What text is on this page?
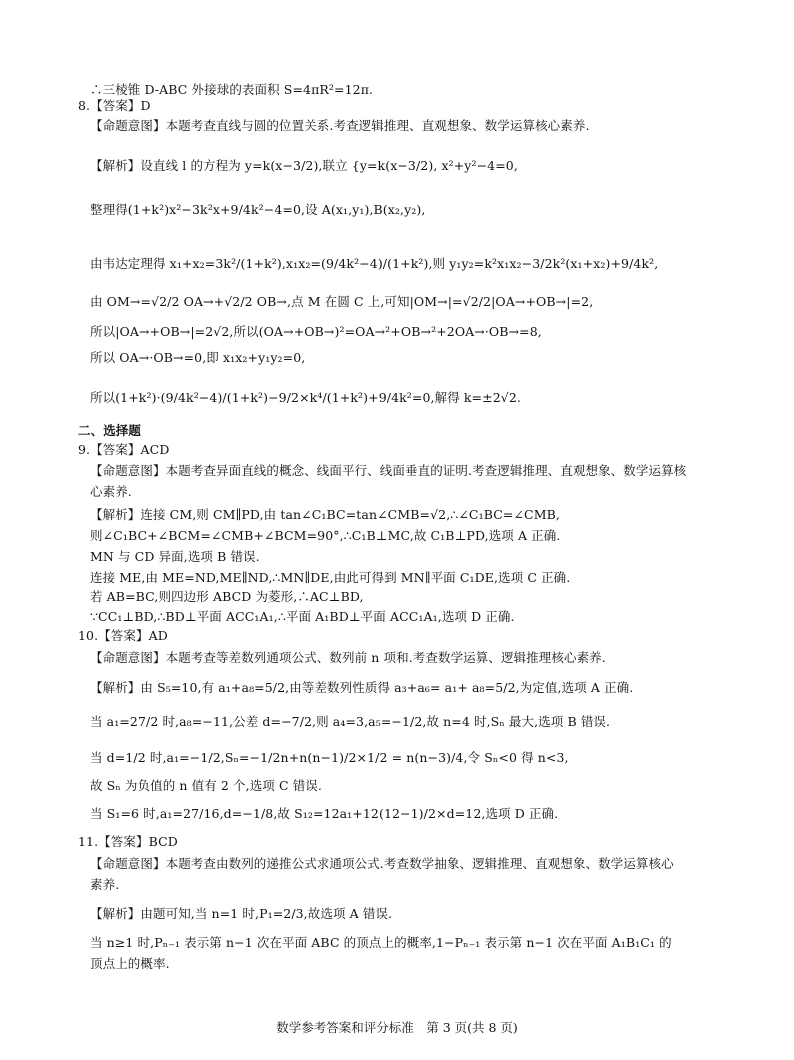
∴三棱锥 D-ABC 外接球的表面积 S=4πR²=12π.
8.【答案】D
【命题意图】本题考查直线与圆的位置关系.考查逻辑推理、直观想象、数学运算核心素养.
【解析】设直线 l 的方程为 y=k(x−3/2),联立 {y=k(x−3/2), x²+y²−4=0,
整理得(1+k²)x²−3k²x+9/4k²−4=0,设 A(x₁,y₁),B(x₂,y₂),
由韦达定理得 x₁+x₂=3k²/(1+k²),x₁x₂=(9/4k²−4)/(1+k²),则 y₁y₂=k²x₁x₂−3/2k²(x₁+x₂)+9/4k²,
由 OM→=√2/2 OA→+√2/2 OB→,点 M 在圆 C 上,可知|OM→|=√2/2|OA→+OB→|=2,
所以|OA→+OB→|=2√2,所以(OA→+OB→)²=OA→²+OB→²+2OA→·OB→=8,
所以 OA→·OB→=0,即 x₁x₂+y₁y₂=0,
所以(1+k²)·(9/4k²−4)/(1+k²)−9/2×k⁴/(1+k²)+9/4k²=0,解得 k=±2√2.
二、选择题
9.【答案】ACD
【命题意图】本题考查异面直线的概念、线面平行、线面垂直的证明.考查逻辑推理、直观想象、数学运算核
心素养.
【解析】连接 CM,则 CM∥PD,由 tan∠C₁BC=tan∠CMB=√2,∴∠C₁BC=∠CMB,
则∠C₁BC+∠BCM=∠CMB+∠BCM=90°,∴C₁B⊥MC,故 C₁B⊥PD,选项 A 正确.
MN 与 CD 异面,选项 B 错误.
连接 ME,由 ME=ND,ME∥ND,∴MN∥DE,由此可得到 MN∥平面 C₁DE,选项 C 正确.
若 AB=BC,则四边形 ABCD 为菱形,∴AC⊥BD,
∵CC₁⊥BD,∴BD⊥平面 ACC₁A₁,∴平面 A₁BD⊥平面 ACC₁A₁,选项 D 正确.
10.【答案】AD
【命题意图】本题考查等差数列通项公式、数列前 n 项和.考查数学运算、逻辑推理核心素养.
【解析】由 S₅=10,有 a₁+a₈=5/2,由等差数列性质得 a₃+a₆= a₁+ a₈=5/2,为定值,选项 A 正确.
当 a₁=27/2 时,a₈=−11,公差 d=−7/2,则 a₄=3,a₅=−1/2,故 n=4 时,Sₙ 最大,选项 B 错误.
当 d=1/2 时,a₁=−1/2,Sₙ=−1/2n+n(n−1)/2×1/2 = n(n−3)/4,令 Sₙ<0 得 n<3,
故 Sₙ 为负值的 n 值有 2 个,选项 C 错误.
当 S₁=6 时,a₁=27/16,d=−1/8,故 S₁₂=12a₁+12(12−1)/2×d=12,选项 D 正确.
11.【答案】BCD
【命题意图】本题考查由数列的递推公式求通项公式.考查数学抽象、逻辑推理、直观想象、数学运算核心
素养.
【解析】由题可知,当 n=1 时,P₁=2/3,故选项 A 错误.
当 n≥1 时,Pₙ₋₁ 表示第 n−1 次在平面 ABC 的顶点上的概率,1−Pₙ₋₁ 表示第 n−1 次在平面 A₁B₁C₁ 的
顶点上的概率.
数学参考答案和评分标准　第 3 页(共 8 页)
